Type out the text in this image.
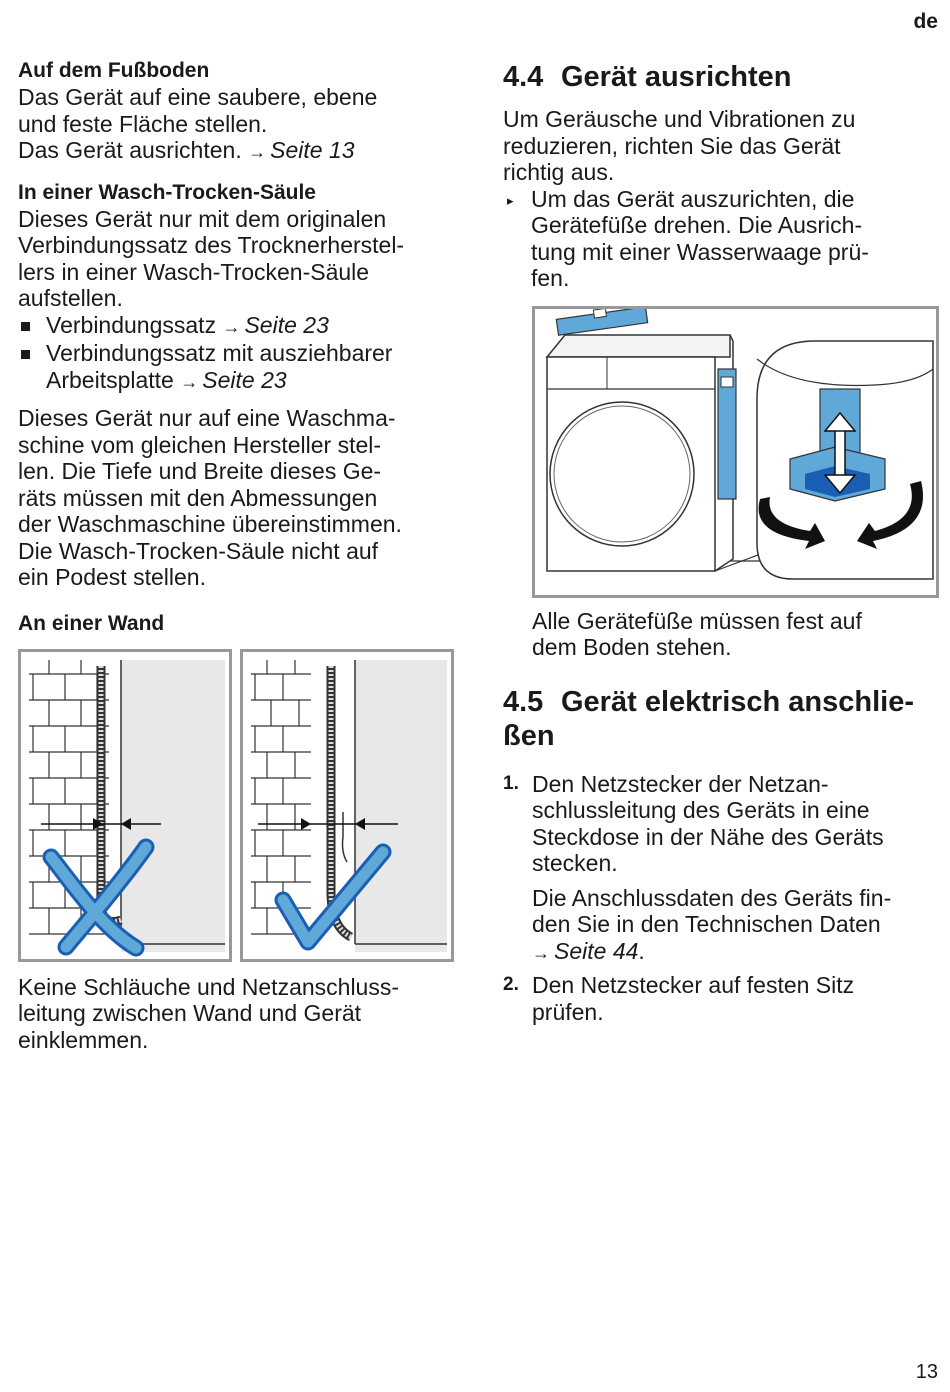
de

Auf dem Fußboden

Das Gerät auf eine saubere, ebene

und feste Fläche stellen.

Das Gerät ausrichten. → Seite 13

In einer Wasch-Trocken-Säule

Dieses Gerät nur mit dem originalen

Verbindungssatz des Trocknerherstel-

lers in einer Wasch-Trocken-Säule

aufstellen.

Verbindungssatz → Seite 23
Verbindungssatz mit ausziehbarer
Arbeitsplatte → Seite 23

Dieses Gerät nur auf eine Waschma-

schine vom gleichen Hersteller stel-

len. Die Tiefe und Breite dieses Ge-

räts müssen mit den Abmessungen

der Waschmaschine übereinstimmen.

Die Wasch-Trocken-Säule nicht auf

ein Podest stellen.

An einer Wand

Keine Schläuche und Netzanschluss-

leitung zwischen Wand und Gerät

einklemmen.

4.4 Gerät ausrichten

Um Geräusche und Vibrationen zu

reduzieren, richten Sie das Gerät

richtig aus.

▸ Um das Gerät auszurichten, die
Gerätefüße drehen. Die Ausrich-
tung mit einer Wasserwaage prü-
fen.

Alle Gerätefüße müssen fest auf

dem Boden stehen.

4.5 Gerät elektrisch anschlie-

ßen

1. Den Netzstecker der Netzan-
schlussleitung des Geräts in eine
Steckdose in der Nähe des Geräts
stecken.
Die Anschlussdaten des Geräts fin-
den Sie in den Technischen Daten
→ Seite 44.
2. Den Netzstecker auf festen Sitz
prüfen.
13
